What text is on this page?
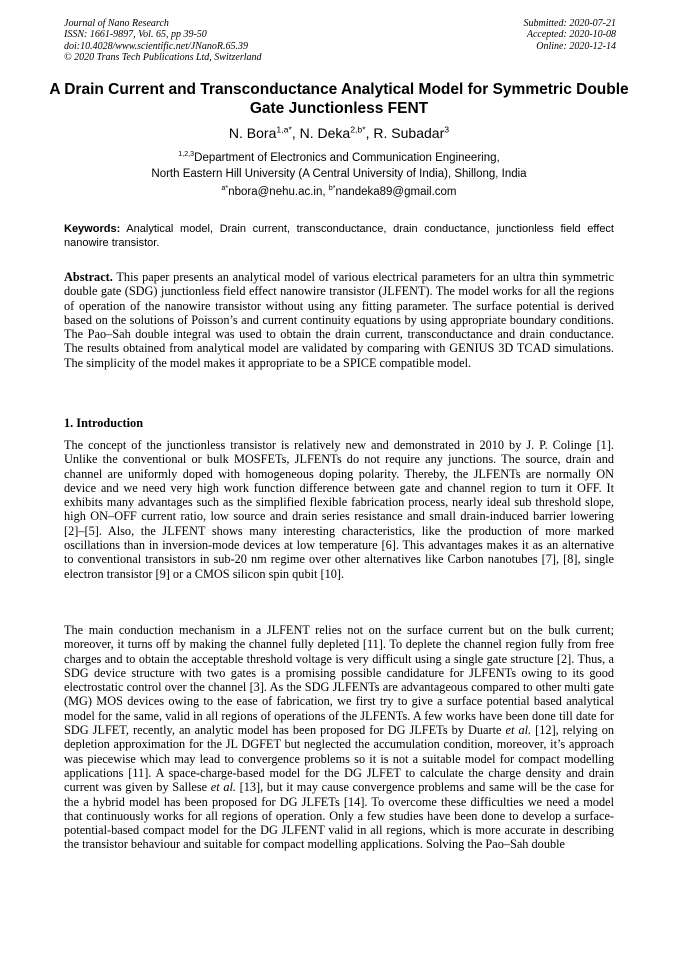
Journal of Nano Research
ISSN: 1661-9897, Vol. 65, pp 39-50
doi:10.4028/www.scientific.net/JNanoR.65.39
© 2020 Trans Tech Publications Ltd, Switzerland
Submitted: 2020-07-21
Accepted: 2020-10-08
Online: 2020-12-14
A Drain Current and Transconductance Analytical Model for Symmetric Double Gate Junctionless FENT
N. Bora$^{1,a*}$, N. Deka$^{2,b*}$, R. Subadar$^3$
$^{1,2,3}$Department of Electronics and Communication Engineering,
North Eastern Hill University (A Central University of India), Shillong, India
$^{a*}$nbora@nehu.ac.in, $^{b*}$nandeka89@gmail.com
Keywords: Analytical model, Drain current, transconductance, drain conductance, junctionless field effect nanowire transistor.
Abstract. This paper presents an analytical model of various electrical parameters for an ultra thin symmetric double gate (SDG) junctionless field effect nanowire transistor (JLFENT). The model works for all the regions of operation of the nanowire transistor without using any fitting parameter. The surface potential is derived based on the solutions of Poisson’s and current continuity equations by using appropriate boundary conditions. The Pao–Sah double integral was used to obtain the drain current, transconductance and drain conductance. The results obtained from analytical model are validated by comparing with GENIUS 3D TCAD simulations. The simplicity of the model makes it appropriate to be a SPICE compatible model.
1. Introduction
The concept of the junctionless transistor is relatively new and demonstrated in 2010 by J. P. Colinge [1]. Unlike the conventional or bulk MOSFETs, JLFENTs do not require any junctions. The source, drain and channel are uniformly doped with homogeneous doping polarity. Thereby, the JLFENTs are normally ON device and we need very high work function difference between gate and channel region to turn it OFF. It exhibits many advantages such as the simplified flexible fabrication process, nearly ideal sub threshold slope, high ON–OFF current ratio, low source and drain series resistance and small drain-induced barrier lowering [2]–[5]. Also, the JLFENT shows many interesting characteristics, like the production of more marked oscillations than in inversion-mode devices at low temperature [6]. This advantages makes it as an alternative to conventional transistors in sub-20 nm regime over other alternatives like Carbon nanotubes [7], [8], single electron transistor [9] or a CMOS silicon spin qubit [10].
The main conduction mechanism in a JLFENT relies not on the surface current but on the bulk current; moreover, it turns off by making the channel fully depleted [11]. To deplete the channel region fully from free charges and to obtain the acceptable threshold voltage is very difficult using a single gate structure [2]. Thus, a SDG device structure with two gates is a promising possible candidature for JLFENTs owing to its good electrostatic control over the channel [3]. As the SDG JLFENTs are advantageous compared to other multi gate (MG) MOS devices owing to the ease of fabrication, we first try to give a surface potential based analytical model for the same, valid in all regions of operations of the JLFENTs. A few works have been done till date for SDG JLFET, recently, an analytic model has been proposed for DG JLFETs by Duarte et al. [12], relying on depletion approximation for the JL DGFET but neglected the accumulation condition, moreover, it’s approach was piecewise which may lead to convergence problems so it is not a suitable model for compact modelling applications [11]. A space-charge-based model for the DG JLFET to calculate the charge density and drain current was given by Sallese et al. [13], but it may cause convergence problems and same will be the case for the a hybrid model has been proposed for DG JLFETs [14]. To overcome these difficulties we need a model that continuously works for all regions of operation. Only a few studies have been done to develop a surface-potential-based compact model for the DG JLFENT valid in all regions, which is more accurate in describing the transistor behaviour and suitable for compact modelling applications. Solving the Pao–Sah double
